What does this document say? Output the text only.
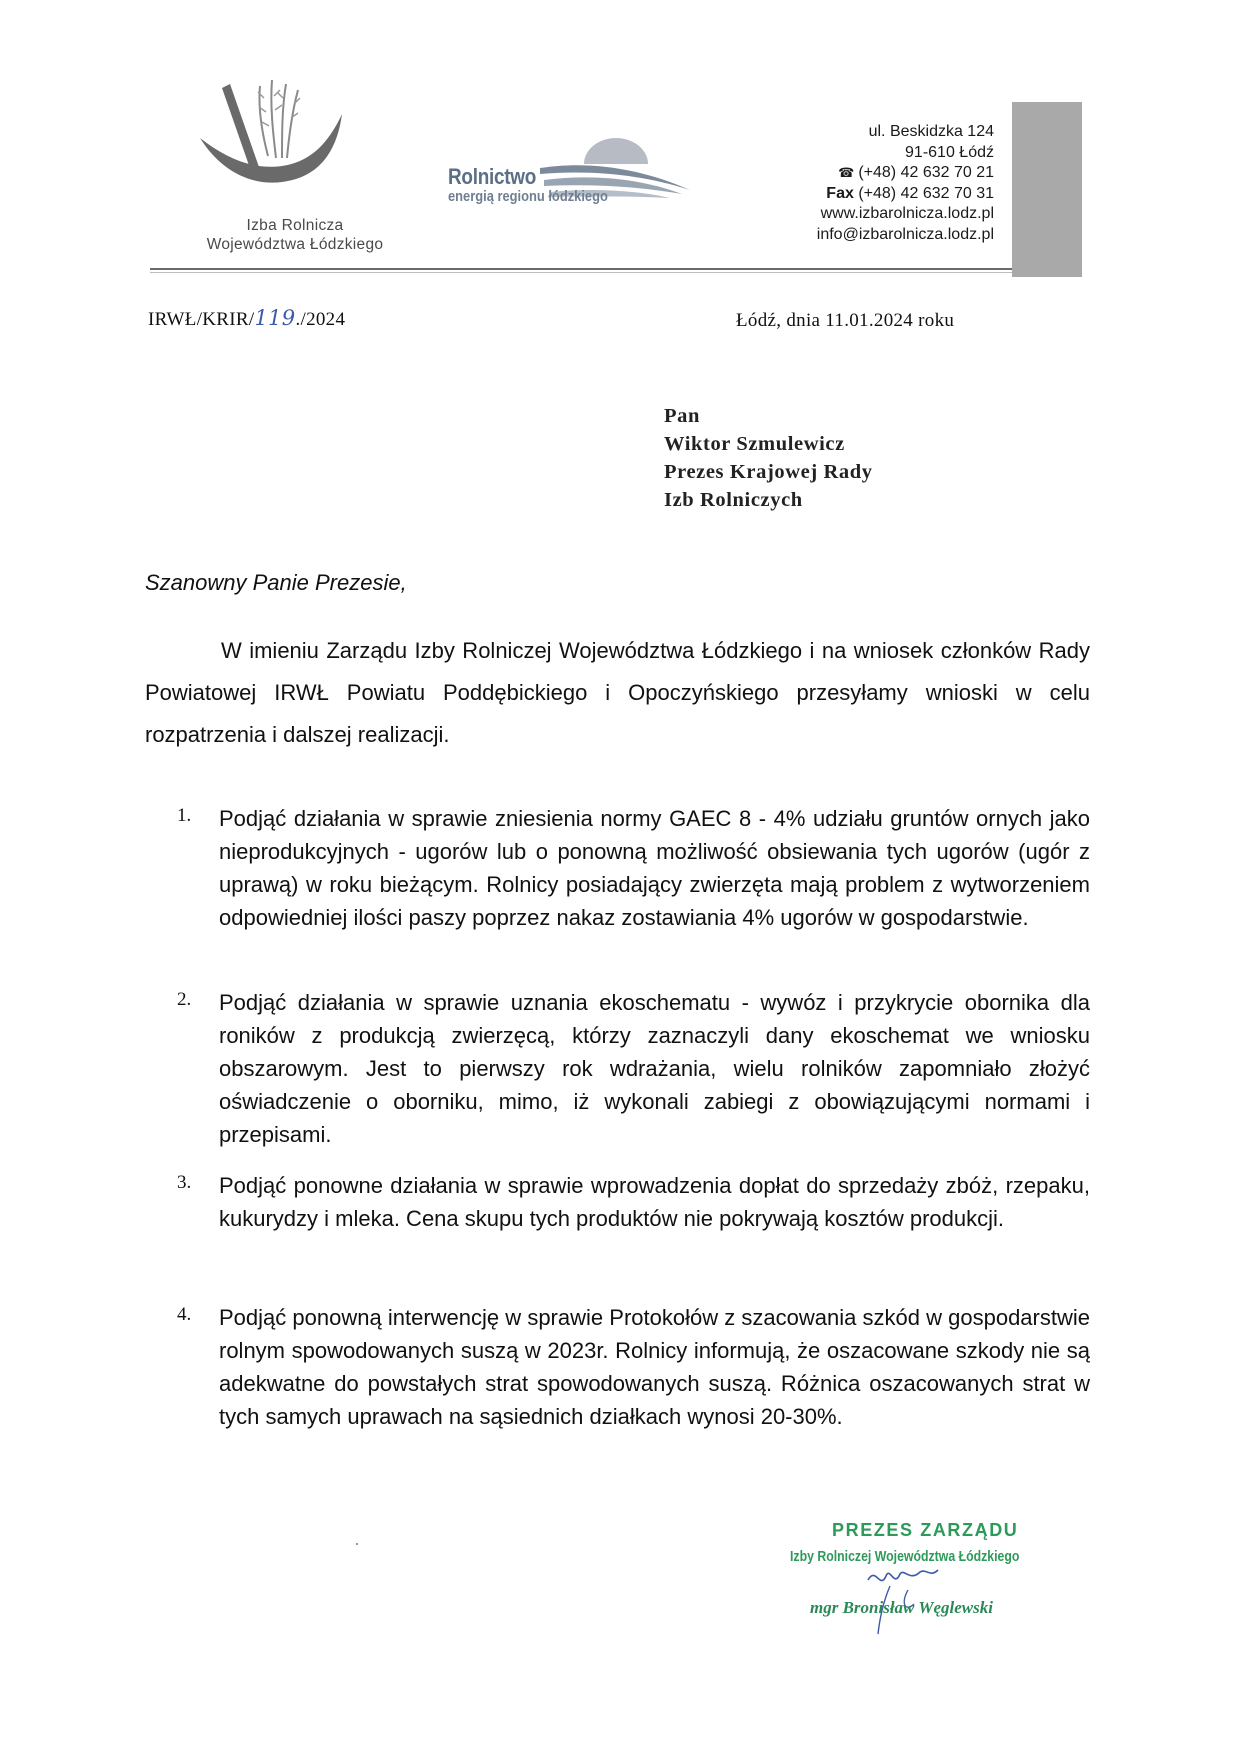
Izba Rolnicza
Województwa Łódzkiego
Rolnictwo
energią regionu łódzkiego
ul. Beskidzka 124
91-610 Łódź
☎ (+48) 42 632 70 21
Fax (+48) 42 632 70 31
www.izbarolnicza.lodz.pl
info@izbarolnicza.lodz.pl
IRWŁ/KRIR/119./2024	Łódź, dnia 11.01.2024 roku
Pan
Wiktor Szmulewicz
Prezes Krajowej Rady
Izb Rolniczych
Szanowny Panie Prezesie,
W imieniu Zarządu Izby Rolniczej Województwa Łódzkiego i na wniosek członków Rady Powiatowej IRWŁ Powiatu Poddębickiego i Opoczyńskiego przesyłamy wnioski w celu rozpatrzenia i dalszej realizacji.
1. Podjąć działania w sprawie zniesienia normy GAEC 8 - 4% udziału gruntów ornych jako nieprodukcyjnych - ugorów lub o ponowną możliwość obsiewania tych ugorów (ugór z uprawą) w roku bieżącym. Rolnicy posiadający zwierzęta mają problem z wytworzeniem odpowiedniej ilości paszy poprzez nakaz zostawiania 4% ugorów w gospodarstwie.
2. Podjąć działania w sprawie uznania ekoschematu - wywóz i przykrycie obornika dla roników z produkcją zwierzęcą, którzy zaznaczyli dany ekoschemat we wniosku obszarowym. Jest to pierwszy rok wdrażania, wielu rolników zapomniało złożyć oświadczenie o oborniku, mimo, iż wykonali zabiegi z obowiązującymi normami i przepisami.
3. Podjąć ponowne działania w sprawie wprowadzenia dopłat do sprzedaży zbóż, rzepaku, kukurydzy i mleka. Cena skupu tych produktów nie pokrywają kosztów produkcji.
4. Podjąć ponowną interwencję w sprawie Protokołów z szacowania szkód w gospodarstwie rolnym spowodowanych suszą w 2023r. Rolnicy informują, że oszacowane szkody nie są adekwatne do powstałych strat spowodowanych suszą. Różnica oszacowanych strat w tych samych uprawach na sąsiednich działkach wynosi 20-30%.
PREZES ZARZĄDU
Izby Rolniczej Województwa Łódzkiego
mgr Bronisław Węglewski
